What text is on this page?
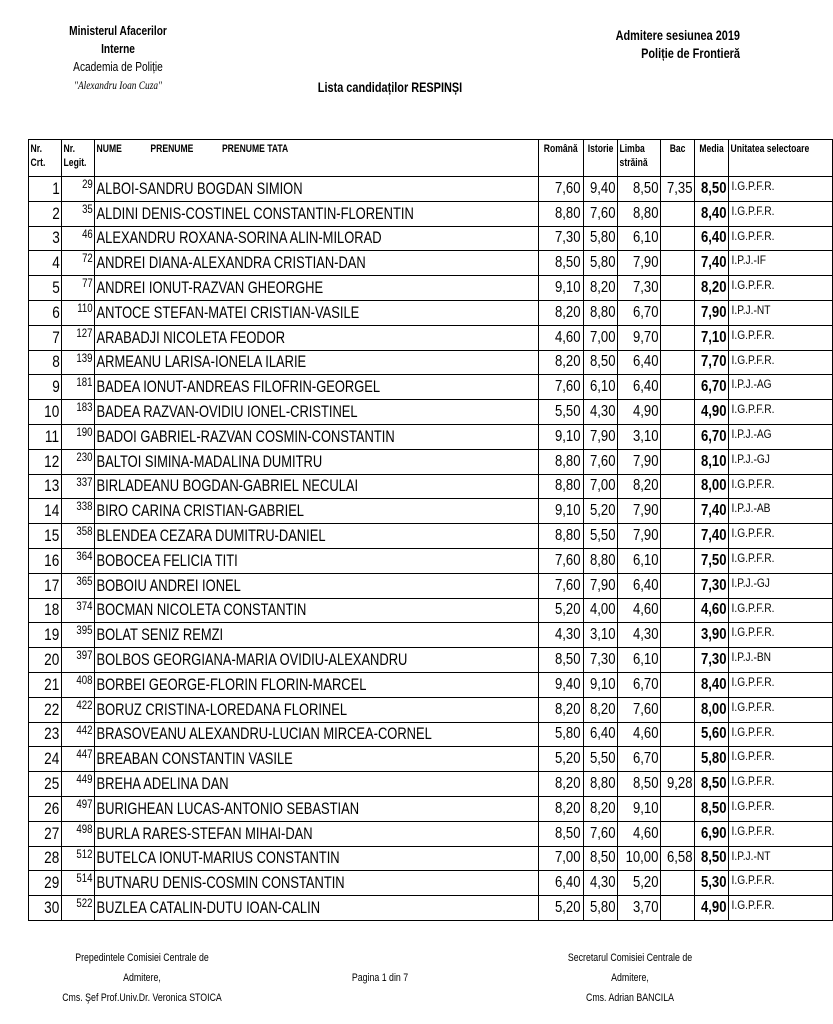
Ministerul Afacerilor
Interne
Academia de Poliție
"Alexandru Ioan Cuza"
Admitere sesiunea 2019
Poliție de Frontieră
Lista candidaților RESPINȘI
Nr. Crt.	Nr. Legit.	NUME            PRENUME            PRENUME TATA	Română	Istorie	Limba străină	Bac	Media	Unitatea selectoare

1	29	ALBOI-SANDRU BOGDAN SIMION	7,60	9,40	8,50	7,35	8,50	I.G.P.F.R.
2	35	ALDINI DENIS-COSTINEL CONSTANTIN-FLORENTIN	8,80	7,60	8,80		8,40	I.G.P.F.R.
3	46	ALEXANDRU ROXANA-SORINA ALIN-MILORAD	7,30	5,80	6,10		6,40	I.G.P.F.R.
4	72	ANDREI DIANA-ALEXANDRA CRISTIAN-DAN	8,50	5,80	7,90		7,40	I.P.J.-IF
5	77	ANDREI IONUT-RAZVAN GHEORGHE	9,10	8,20	7,30		8,20	I.G.P.F.R.
6	110	ANTOCE STEFAN-MATEI CRISTIAN-VASILE	8,20	8,80	6,70		7,90	I.P.J.-NT
7	127	ARABADJI NICOLETA FEODOR	4,60	7,00	9,70		7,10	I.G.P.F.R.
8	139	ARMEANU LARISA-IONELA ILARIE	8,20	8,50	6,40		7,70	I.G.P.F.R.
9	181	BADEA IONUT-ANDREAS FILOFRIN-GEORGEL	7,60	6,10	6,40		6,70	I.P.J.-AG
10	183	BADEA RAZVAN-OVIDIU IONEL-CRISTINEL	5,50	4,30	4,90		4,90	I.G.P.F.R.
11	190	BADOI GABRIEL-RAZVAN COSMIN-CONSTANTIN	9,10	7,90	3,10		6,70	I.P.J.-AG
12	230	BALTOI SIMINA-MADALINA DUMITRU	8,80	7,60	7,90		8,10	I.P.J.-GJ
13	337	BIRLADEANU BOGDAN-GABRIEL NECULAI	8,80	7,00	8,20		8,00	I.G.P.F.R.
14	338	BIRO CARINA CRISTIAN-GABRIEL	9,10	5,20	7,90		7,40	I.P.J.-AB
15	358	BLENDEA CEZARA DUMITRU-DANIEL	8,80	5,50	7,90		7,40	I.G.P.F.R.
16	364	BOBOCEA FELICIA TITI	7,60	8,80	6,10		7,50	I.G.P.F.R.
17	365	BOBOIU ANDREI IONEL	7,60	7,90	6,40		7,30	I.P.J.-GJ
18	374	BOCMAN NICOLETA CONSTANTIN	5,20	4,00	4,60		4,60	I.G.P.F.R.
19	395	BOLAT SENIZ REMZI	4,30	3,10	4,30		3,90	I.G.P.F.R.
20	397	BOLBOS GEORGIANA-MARIA OVIDIU-ALEXANDRU	8,50	7,30	6,10		7,30	I.P.J.-BN
21	408	BORBEI GEORGE-FLORIN FLORIN-MARCEL	9,40	9,10	6,70		8,40	I.G.P.F.R.
22	422	BORUZ CRISTINA-LOREDANA FLORINEL	8,20	8,20	7,60		8,00	I.G.P.F.R.
23	442	BRASOVEANU ALEXANDRU-LUCIAN MIRCEA-CORNEL	5,80	6,40	4,60		5,60	I.G.P.F.R.
24	447	BREABAN CONSTANTIN VASILE	5,20	5,50	6,70		5,80	I.G.P.F.R.
25	449	BREHA ADELINA DAN	8,20	8,80	8,50	9,28	8,50	I.G.P.F.R.
26	497	BURIGHEAN LUCAS-ANTONIO SEBASTIAN	8,20	8,20	9,10		8,50	I.G.P.F.R.
27	498	BURLA RARES-STEFAN MIHAI-DAN	8,50	7,60	4,60		6,90	I.G.P.F.R.
28	512	BUTELCA IONUT-MARIUS CONSTANTIN	7,00	8,50	10,00	6,58	8,50	I.P.J.-NT
29	514	BUTNARU DENIS-COSMIN CONSTANTIN	6,40	4,30	5,20		5,30	I.G.P.F.R.
30	522	BUZLEA CATALIN-DUTU IOAN-CALIN	5,20	5,80	3,70		4,90	I.G.P.F.R.
Prepedintele Comisiei Centrale de Admitere,
Cms. Şef Prof.Univ.Dr. Veronica STOICA
Pagina 1 din 7
Secretarul Comisiei Centrale de Admitere,
Cms. Adrian BANCILA
